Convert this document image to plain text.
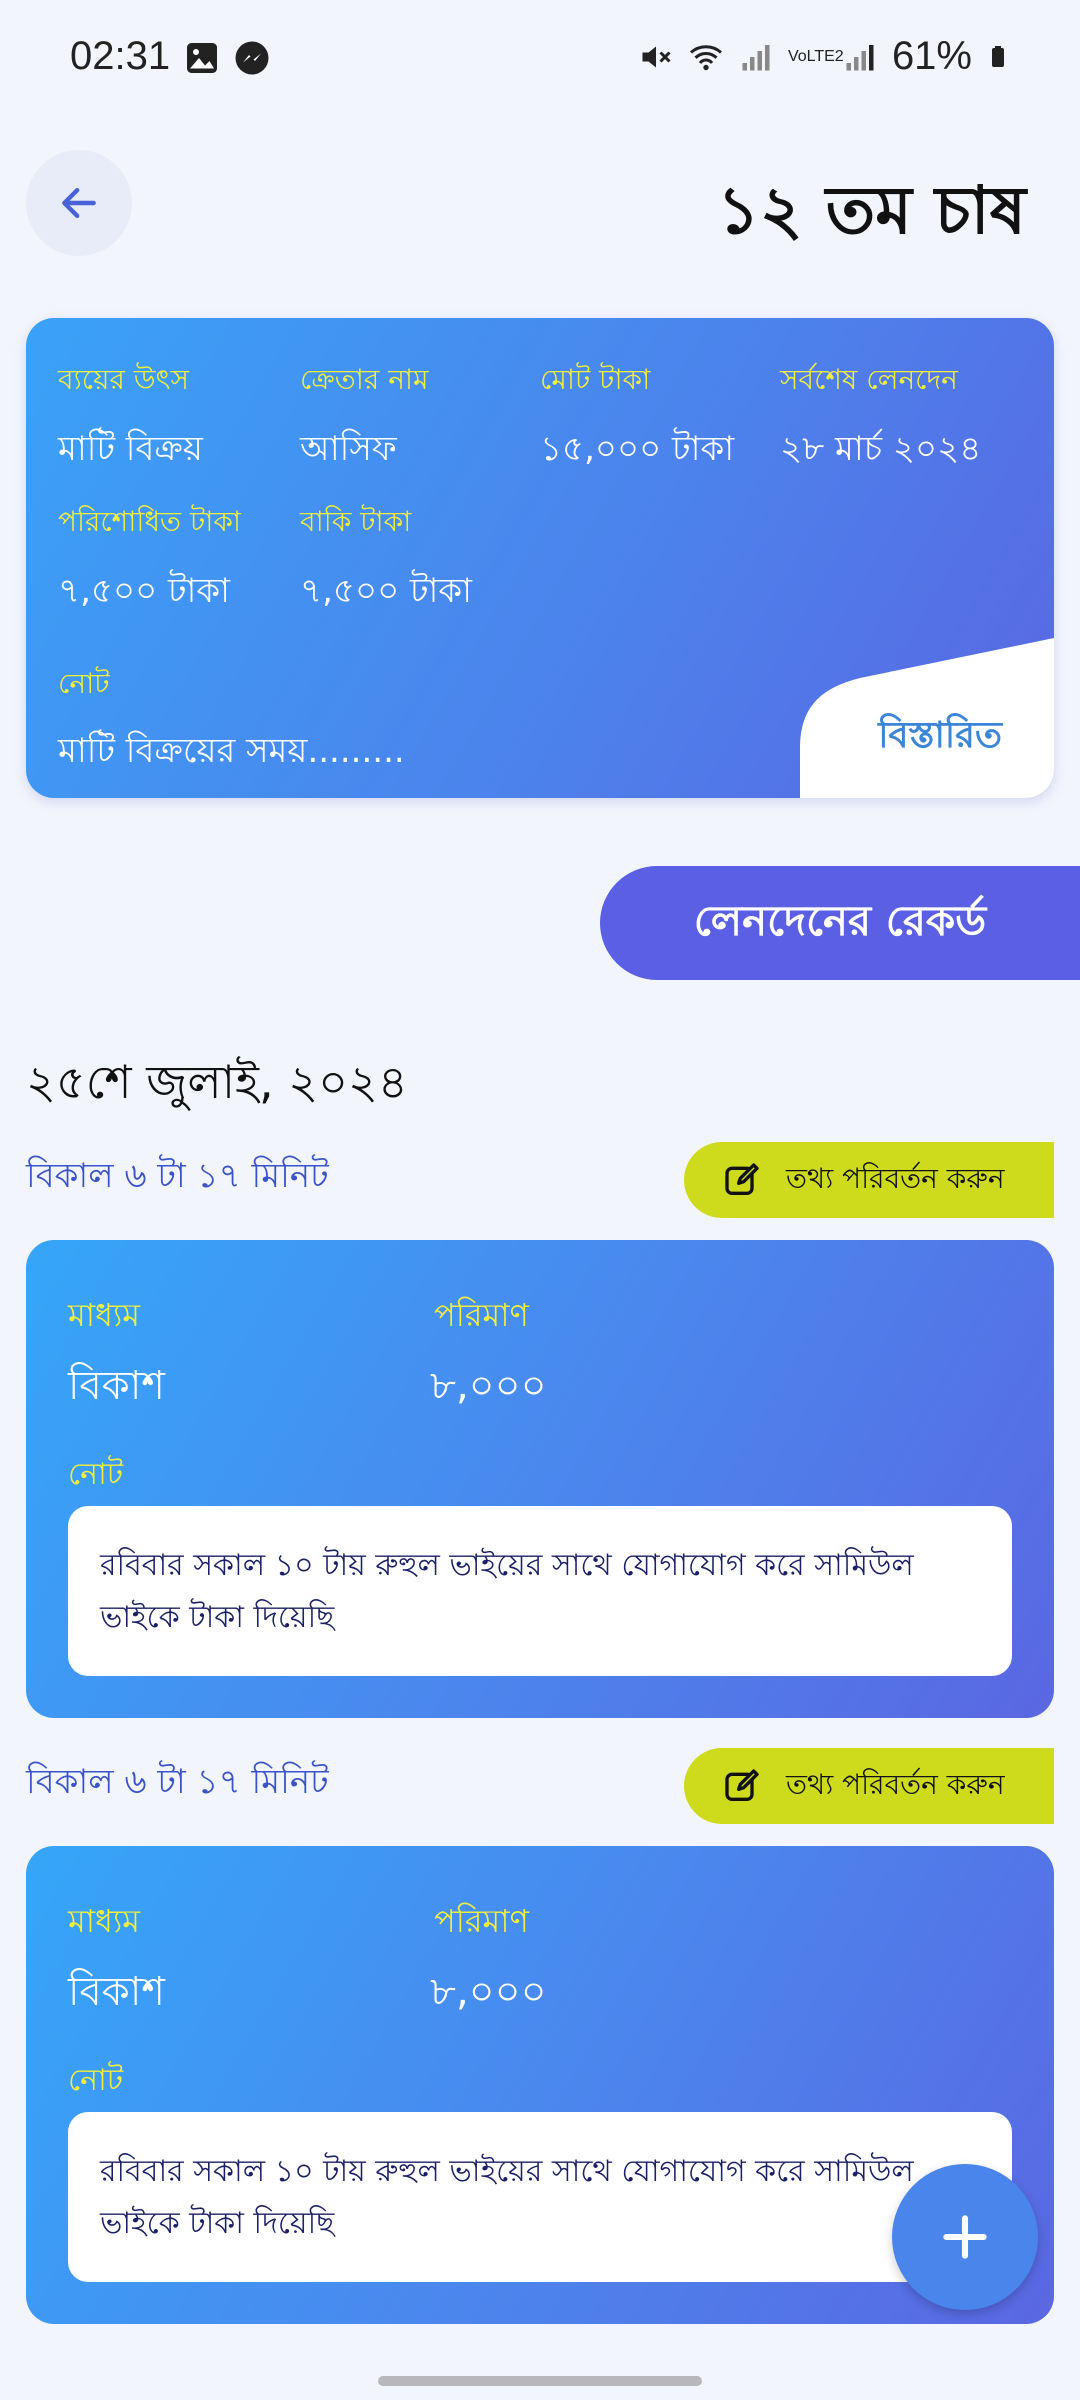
02:31	VoLTE2 61%
১২ তম চাষ
ব্যয়ের উৎস
মাটি বিক্রয়
ক্রেতার নাম
আসিফ
মোট টাকা
১৫,০০০ টাকা
সর্বশেষ লেনদেন
২৮ মার্চ ২০২৪
পরিশোধিত টাকা
৭,৫০০ টাকা
বাকি টাকা
৭,৫০০ টাকা
নোট
মাটি বিক্রয়ের সময়.........	বিস্তারিত
লেনদেনের রেকর্ড
২৫শে জুলাই, ২০২৪
বিকাল ৬ টা ১৭ মিনিট	তথ্য পরিবর্তন করুন
মাধ্যম
বিকাশ
পরিমাণ
৮,০০০
নোট
রবিবার সকাল ১০ টায় রুহুল ভাইয়ের সাথে যোগাযোগ করে সামিউল ভাইকে টাকা দিয়েছি
বিকাল ৬ টা ১৭ মিনিট	তথ্য পরিবর্তন করুন
মাধ্যম
বিকাশ
পরিমাণ
৮,০০০
নোট
রবিবার সকাল ১০ টায় রুহুল ভাইয়ের সাথে যোগাযোগ করে সামিউল ভাইকে টাকা দিয়েছি
